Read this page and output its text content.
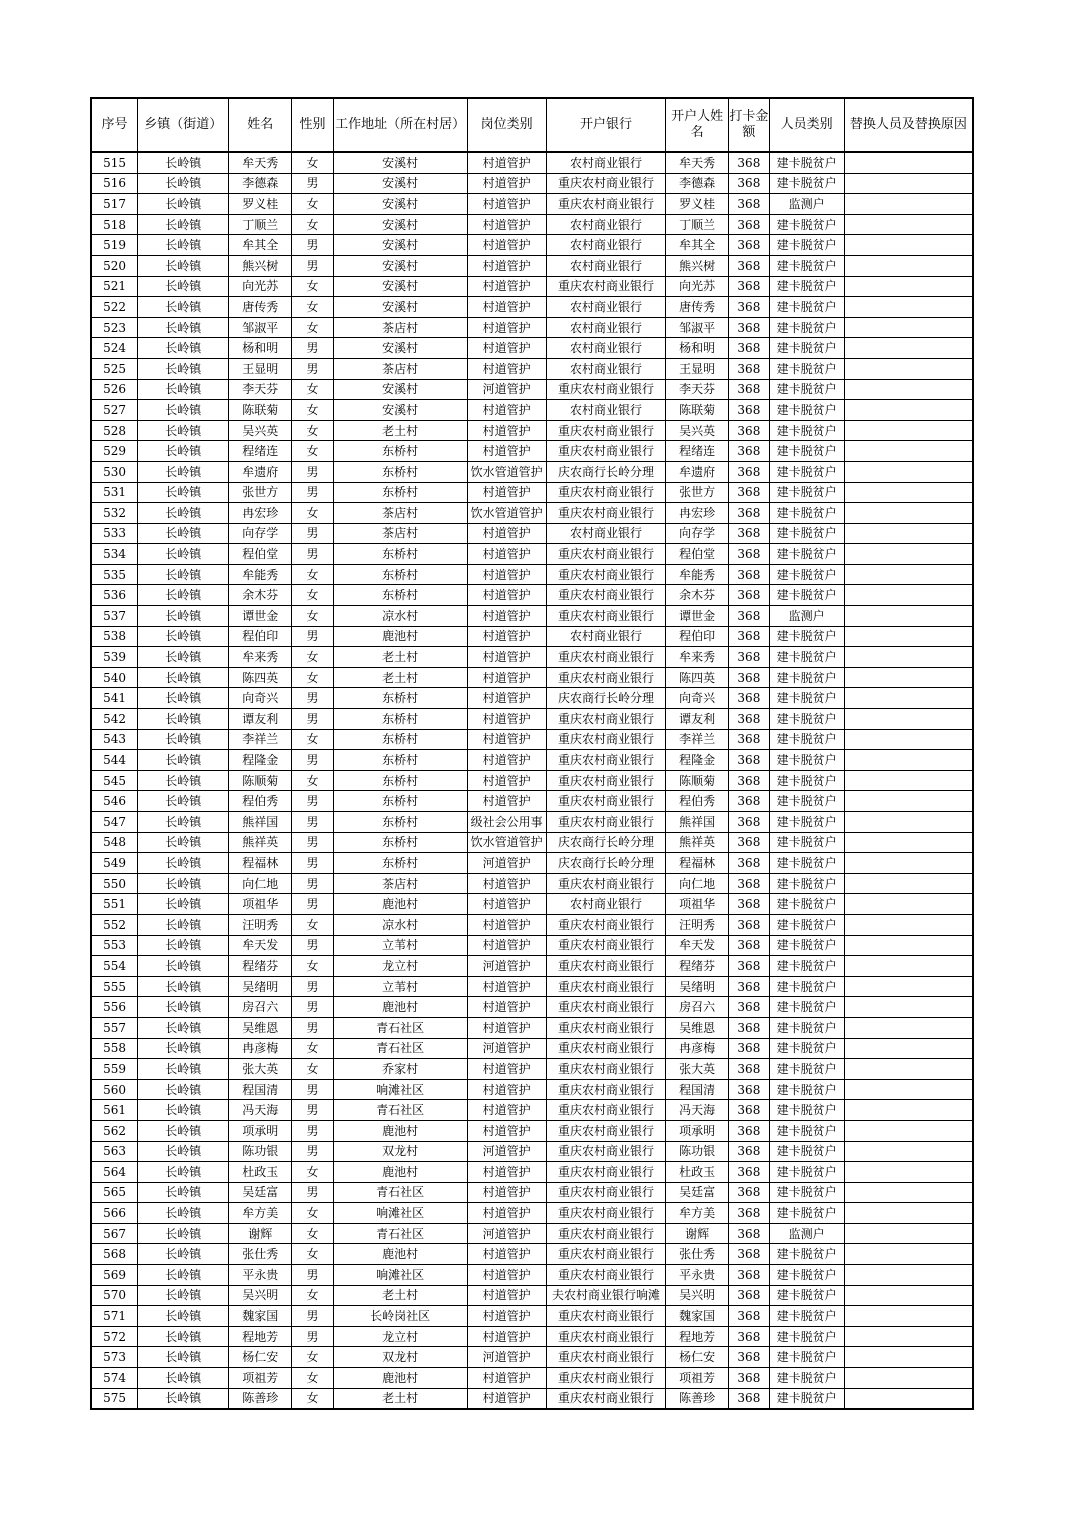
序号	乡镇（街道）	姓名	性别	工作地址（所在村居）	岗位类别	开户银行	开户人姓名	打卡金额	人员类别	替换人员及替换原因
515	长岭镇	牟天秀	女	安溪村	村道管护	农村商业银行	牟天秀	368	建卡脱贫户	
516	长岭镇	李德森	男	安溪村	村道管护	重庆农村商业银行	李德森	368	建卡脱贫户	
517	长岭镇	罗义桂	女	安溪村	村道管护	重庆农村商业银行	罗义桂	368	监测户	
518	长岭镇	丁顺兰	女	安溪村	村道管护	农村商业银行	丁顺兰	368	建卡脱贫户	
519	长岭镇	牟其全	男	安溪村	村道管护	农村商业银行	牟其全	368	建卡脱贫户	
520	长岭镇	熊兴树	男	安溪村	村道管护	农村商业银行	熊兴树	368	建卡脱贫户	
521	长岭镇	向光苏	女	安溪村	村道管护	重庆农村商业银行	向光苏	368	建卡脱贫户	
522	长岭镇	唐传秀	女	安溪村	村道管护	农村商业银行	唐传秀	368	建卡脱贫户	
523	长岭镇	邹淑平	女	茶店村	村道管护	农村商业银行	邹淑平	368	建卡脱贫户	
524	长岭镇	杨和明	男	安溪村	村道管护	农村商业银行	杨和明	368	建卡脱贫户	
525	长岭镇	王显明	男	茶店村	村道管护	农村商业银行	王显明	368	建卡脱贫户	
526	长岭镇	李天芬	女	安溪村	河道管护	重庆农村商业银行	李天芬	368	建卡脱贫户	
527	长岭镇	陈联菊	女	安溪村	村道管护	农村商业银行	陈联菊	368	建卡脱贫户	
528	长岭镇	吴兴英	女	老土村	村道管护	重庆农村商业银行	吴兴英	368	建卡脱贫户	
529	长岭镇	程绪连	女	东桥村	村道管护	重庆农村商业银行	程绪连	368	建卡脱贫户	
530	长岭镇	牟遗府	男	东桥村	饮水管道管护	庆农商行长岭分理	牟遗府	368	建卡脱贫户	
531	长岭镇	张世方	男	东桥村	村道管护	重庆农村商业银行	张世方	368	建卡脱贫户	
532	长岭镇	冉宏珍	女	茶店村	饮水管道管护	重庆农村商业银行	冉宏珍	368	建卡脱贫户	
533	长岭镇	向存学	男	茶店村	村道管护	农村商业银行	向存学	368	建卡脱贫户	
534	长岭镇	程伯堂	男	东桥村	村道管护	重庆农村商业银行	程伯堂	368	建卡脱贫户	
535	长岭镇	牟能秀	女	东桥村	村道管护	重庆农村商业银行	牟能秀	368	建卡脱贫户	
536	长岭镇	余木芬	女	东桥村	村道管护	重庆农村商业银行	余木芬	368	建卡脱贫户	
537	长岭镇	谭世金	女	凉水村	村道管护	重庆农村商业银行	谭世金	368	监测户	
538	长岭镇	程伯印	男	鹿池村	村道管护	农村商业银行	程伯印	368	建卡脱贫户	
539	长岭镇	牟来秀	女	老土村	村道管护	重庆农村商业银行	牟来秀	368	建卡脱贫户	
540	长岭镇	陈四英	女	老土村	村道管护	重庆农村商业银行	陈四英	368	建卡脱贫户	
541	长岭镇	向奇兴	男	东桥村	村道管护	庆农商行长岭分理	向奇兴	368	建卡脱贫户	
542	长岭镇	谭友利	男	东桥村	村道管护	重庆农村商业银行	谭友利	368	建卡脱贫户	
543	长岭镇	李祥兰	女	东桥村	村道管护	重庆农村商业银行	李祥兰	368	建卡脱贫户	
544	长岭镇	程隆金	男	东桥村	村道管护	重庆农村商业银行	程隆金	368	建卡脱贫户	
545	长岭镇	陈顺菊	女	东桥村	村道管护	重庆农村商业银行	陈顺菊	368	建卡脱贫户	
546	长岭镇	程伯秀	男	东桥村	村道管护	重庆农村商业银行	程伯秀	368	建卡脱贫户	
547	长岭镇	熊祥国	男	东桥村	级社会公用事	重庆农村商业银行	熊祥国	368	建卡脱贫户	
548	长岭镇	熊祥英	男	东桥村	饮水管道管护	庆农商行长岭分理	熊祥英	368	建卡脱贫户	
549	长岭镇	程福林	男	东桥村	河道管护	庆农商行长岭分理	程福林	368	建卡脱贫户	
550	长岭镇	向仁地	男	茶店村	村道管护	重庆农村商业银行	向仁地	368	建卡脱贫户	
551	长岭镇	项祖华	男	鹿池村	村道管护	农村商业银行	项祖华	368	建卡脱贫户	
552	长岭镇	汪明秀	女	凉水村	村道管护	重庆农村商业银行	汪明秀	368	建卡脱贫户	
553	长岭镇	牟天发	男	立苇村	村道管护	重庆农村商业银行	牟天发	368	建卡脱贫户	
554	长岭镇	程绪芬	女	龙立村	河道管护	重庆农村商业银行	程绪芬	368	建卡脱贫户	
555	长岭镇	吴绪明	男	立苇村	村道管护	重庆农村商业银行	吴绪明	368	建卡脱贫户	
556	长岭镇	房召六	男	鹿池村	村道管护	重庆农村商业银行	房召六	368	建卡脱贫户	
557	长岭镇	吴维恩	男	青石社区	村道管护	重庆农村商业银行	吴维恩	368	建卡脱贫户	
558	长岭镇	冉彦梅	女	青石社区	河道管护	重庆农村商业银行	冉彦梅	368	建卡脱贫户	
559	长岭镇	张大英	女	乔家村	村道管护	重庆农村商业银行	张大英	368	建卡脱贫户	
560	长岭镇	程国清	男	响滩社区	村道管护	重庆农村商业银行	程国清	368	建卡脱贫户	
561	长岭镇	冯天海	男	青石社区	村道管护	重庆农村商业银行	冯天海	368	建卡脱贫户	
562	长岭镇	项承明	男	鹿池村	村道管护	重庆农村商业银行	项承明	368	建卡脱贫户	
563	长岭镇	陈功银	男	双龙村	河道管护	重庆农村商业银行	陈功银	368	建卡脱贫户	
564	长岭镇	杜政玉	女	鹿池村	村道管护	重庆农村商业银行	杜政玉	368	建卡脱贫户	
565	长岭镇	吴廷富	男	青石社区	村道管护	重庆农村商业银行	吴廷富	368	建卡脱贫户	
566	长岭镇	牟方美	女	响滩社区	村道管护	重庆农村商业银行	牟方美	368	建卡脱贫户	
567	长岭镇	谢辉	女	青石社区	河道管护	重庆农村商业银行	谢辉	368	监测户	
568	长岭镇	张仕秀	女	鹿池村	村道管护	重庆农村商业银行	张仕秀	368	建卡脱贫户	
569	长岭镇	平永贵	男	响滩社区	村道管护	重庆农村商业银行	平永贵	368	建卡脱贫户	
570	长岭镇	吴兴明	女	老土村	村道管护	夫农村商业银行响滩	吴兴明	368	建卡脱贫户	
571	长岭镇	魏家国	男	长岭岗社区	村道管护	重庆农村商业银行	魏家国	368	建卡脱贫户	
572	长岭镇	程地芳	男	龙立村	村道管护	重庆农村商业银行	程地芳	368	建卡脱贫户	
573	长岭镇	杨仁安	女	双龙村	河道管护	重庆农村商业银行	杨仁安	368	建卡脱贫户	
574	长岭镇	项祖芳	女	鹿池村	村道管护	重庆农村商业银行	项祖芳	368	建卡脱贫户	
575	长岭镇	陈善珍	女	老土村	村道管护	重庆农村商业银行	陈善珍	368	建卡脱贫户	
